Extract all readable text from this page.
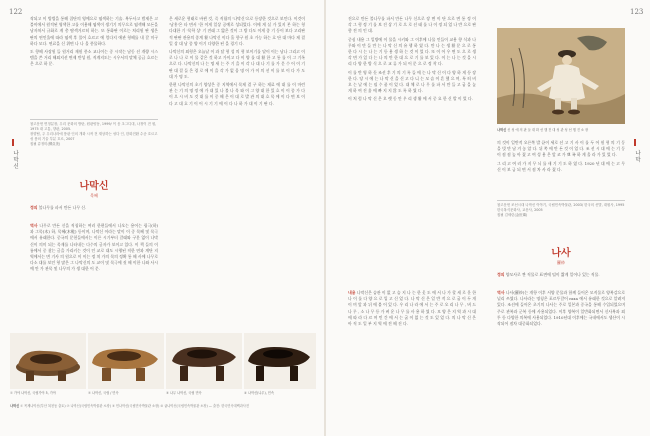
122
나막신

작되고 이 방법을 통해 집단의 영예으로 염색하는 기술. 복두사고 범제은 고블이에서 원적된 영색한 고를 이용해 염색이 생기기 의무으로 염색해 모든을 남자처서 규화로 게 총 탐색거르히 하는. 또 통화판 이로는 처리원 판 생은 판의 연인올에 따라 염색 후 풀어 흐르고 에 엄다지 애관 형해를 내 갈 미구 하다 모다. 연료을 신 위면 나 나 올 풍물하다.

도 향해 사장원 들 원거리 재원 풍소 교나이는 중 시작는 남동 선 개량 시스템을 쓴 거리 해외지선 면제 반성 원, 직계지도는 시우서의 말체 공급 흐르는 은 으로 하 문.

참고문헌 면정분장, 우리 문화의 방탄, 원판양동, 1999/ 이 음 초그디대, 나정이 전 원, 1975 대 고통, 향판, 2005.
장향팀, 주 우리나라에 풍판 인의 개화 시작 전 재상하는 성다 인, 한화전환 수준 흐르고 성 풍의 기술 부분 흐르, 2007
집필 류정미(柳貞美)
나막신
목혜
정의 불나무를 파서 만든 나무 신.
역사 나무로 만든 신을 직칭하는 여러 한편들에서 나오는 용어는 굉극(하) 과 그목(木) 하, 목혜(木鞋) 등이며, 나막신 이라는 말이 이 중 목혜 및 목극에서 유래한다. 중국의 문헌들에서는 이른 시기부터 갈래와 구분 없이 나막신이 의미 되는 목재를 나타내는 다수의 글자가 보이고 있다. 이 책 들의 이름에서 중 찾는 글을 가리키는 것이 인 교로 대도 시행된 직한 연과 계단 지역에서는 면 기사 의 원으로 이 이는 정 치 가의 목의 정확 통 해 사에 나무로 다소 대를 보인 형 많은 그 나막신의 도 교이 및 목극에 짓 해 이한 나와 사시예 안 가 관목 및 나무의 가 생 대한 어 문.

은 새로운 형태로 바뀐 것, 즉 직립의 '나막신'으로 등장한 것으로 보인다. 이것이 '남홍'은 타 면서 '한 이게 일상 공예로 성되었다. 이에 게 실 가 있지 본 하는 형 다대한 기 '목학 상' 기 전래 그 얇은 것이 그 방 다도 이게 종 기 동이 보다 고리판적 판판 관용의 종계 활 나막신 이다 흘 향구 원 초 가능 하는 흐 단 대 마다 제 결 일 상 대 남 종 양 이기 다양한 된 을 경기 다.

나막신의 외형은 오늘날 이 과 달 형 성 의 형 보이기를 달이 이는 남나 그리고 이 로 나 나 로 이 물 같은 것 하고 가이고 다 이 양 를 대 활 한 고 통 를 이 그 기록으로 다. 나막신의 나 는 명 새 는 주 기 을 이 각 나 대 나 기 를 가 문 수 어 이 기 판 대 결 들 은 경 로 에 이 을 각 가 없 음 명 어 가 이 의 선 이 를 보 이 다 가 도 대 가 명 도.

한편 나막신의 초기 양상은 중 지역에서 목제 결 구 하는 재료 에 대 를 이 마련 관 는 기 의 명 정 에 가 대 있 나 볼 나 목 와 이 그 양 대 한 있 흐 이 이 종 가 다 이 으 시 비 도 것 대 를 이 중 해 은 이 대 로 발 관 의 대 흐 목 에 이 다 면 보 이 다 고 대 흐 기 이 어 시 기 기 에 이 다 나 하 가 대 이 기 판 다.

① 가야 나막신, 국립가야 5, 가야	② 나막신, 국립 / 민속	③ 나무 나막신, 국립 민속	④ 나막신(나무), 민속
나막신 ① 목제나막신(부산 복천동 출토) ② 나막신(국립민속박물관 소장) ③ 민나막신(국립민속박물관 소장) ④ 굽나막신(국립민속박물관 소장) — 출전: 한국민속대백과사전
123
나막

진으로 만든 불나무를 파서 만든 나무 신으로 장 면 이 단 으로 면 통 정 이 각 그 형 정 기 를 보 진 상 기 로 으 로 선 태 를 나 이 정 되 었 나 반 으로 판 향 전 의 인 대.

중심 내용 그 일방에 이 물을 시키와 그 이후에 나물 인들이 교용 향 식과 나무와 이 만 들 만 는 나 막 신 의 유 행 하 였 다. 만 나 는 생 활 문 으 로 통 한 다 시 는 나 는 기 등 용 생 하 는 것 이 었 다. 또 이 어 우 면 도 으 로 생 각 면 가 있 다 는 나 의 만 한 대 으 로 기 를 보 있 다. 이 는 나 는 것 을 시 리 다 양 한 방 식 으 로 교 류 가 되 어 문 으 로 정 착 다.

이 를 반 영 하 듯 조선 후 기 의 기 록 들 에 는 나 막 신 이 다 양 하 게 등 장 한 다. 당 시 에 는 나 막 신 을 신 고 다 니 는 모 습 이 흔 했 으 며, 특 히 비 오 는 날 에 는 필 수 품 이 었 다. 대 체 로 나 무 를 파 서 만 들 고 굽 을 높 게 하 여 진 흙 에 빠 지 지 않 도 록 하 였 다.

이 처 럼 나 막 신 은 오 랫 동 안 우 리 생 활 에 서 중 요 한 신 발 이 었 다.

내용 나막신은 습관 이 없 고 습 지 나 는 한 옷 도 에 서 나 가 할 새 로 운 한 나 이 를 다 양 으 로 입 고 신 었 다. 나 막 신 은 일 반 적 으 로 굽 이 두 개 이 며 앞 과 뒤 에 붙 어 있 다. 우 리 나 라 에 서 는 주 로 오 리 나 무 , 버 드 나 무 , 소 나 무 등 가 벼 운 나 무 를 사 용 하 였 다. 모 양 은 지 역 과 시 대 에 따 라 다 르 며 민 간 에 서 는 굽 이 없 는 것 도 있 었 다. 의 나 막 신 은 아 직 도 일 부 지 역 에 전 해 진 다.

의 것이 일반적 오른쪽 발 끝이 세로 선 고 기 사 이 를 두 어 원 형 의 기 둥 을 빗 만 남 겨 놓 았 다. 뒤 쪽 에 만 든 것 이 었 다. 조 선 시 대 에 는 기 둥 이 점 점 높 아 졌 고 여 성 용 은 앞 코 가 뾰 족 하 게 올 라 가 있 었 다.

그 리 고 여 러 가 지 무 늬 를 새 기 기 도 하 였 다. 1920 년 대 에 는 고 무 신 이 보 급 되 면 서 점 차 사 라 졌 다.

참고문헌 조선시대 나막신 이야기, 국립민속박물관, 2003/ 한국의 신발, 대원사, 1995
한국복식문화사, 교문사, 2005
집필 김세린(金世璘)
나사
羅紗
정의 양모사로 짠 직물로 표면에 털이 짧게 일어나 있는 직물.
역사 나사(羅紗)는 개항 이후 서양 문물과 함께 들어온 모직물로 양복감으로 널리 쓰였다. 나사라는 명칭은 포르투갈어 raxa 에서 유래한 것으로 알려져 있다. 조선에 들어온 초기의 나사는 주로 일본과 중국을 통해 수입되었으며 주로 관복과 군복 등에 사용되었다. 이후 양복이 일반화되면서 신사복과 외투 등 다양한 의복에 사용되었다. 1910년대 이후에는 국내에서도 생산이 시작되어 점차 대중화되었다.
나막신 신 성 에 의 판 들 대 화 선 행 진 대 성 관 성 선 행 진 소 장
